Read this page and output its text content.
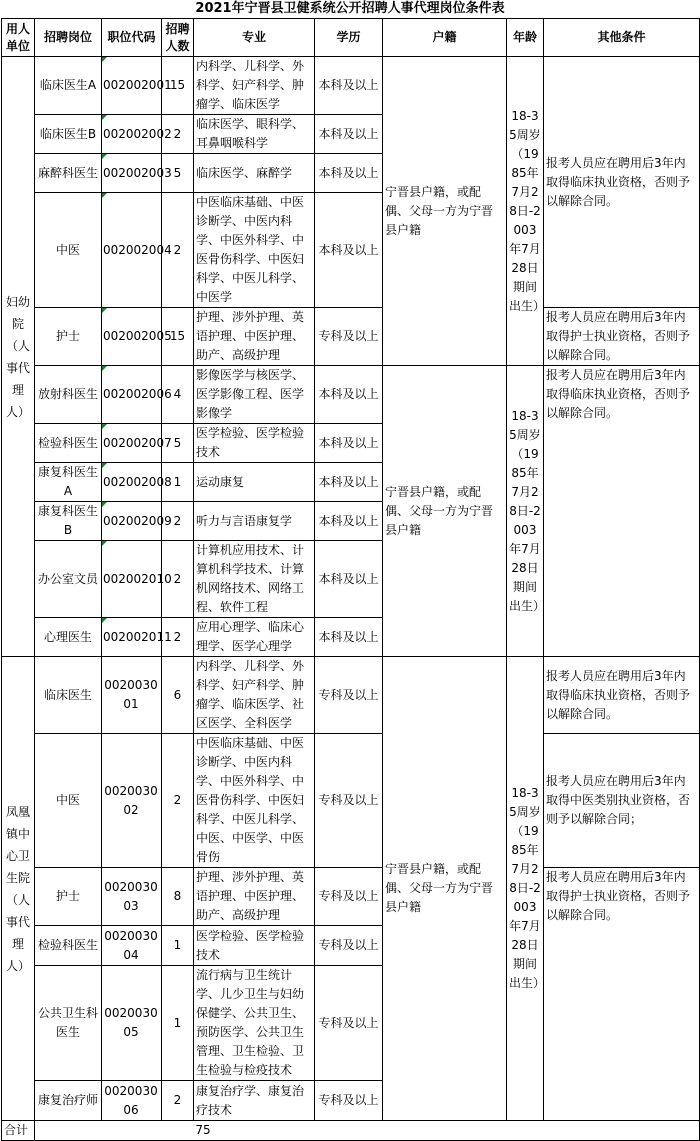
2021年宁晋县卫健系统公开招聘人事代理岗位条件表
用人单位	招聘岗位	职位代码	招聘人数	专业	学历	户籍	年龄	其他条件
妇幼院（人事代理人）	临床医生A	002002001	15	内科学、儿科学、外科学、妇产科学、肿瘤学、临床医学	本科及以上	宁晋县户籍，或配偶、父母一方为宁晋县户籍	18-35周岁（1985年7月28日-2003年7月28日期间出生）	报考人员应在聘用后3年内取得临床执业资格，否则予以解除合同。
	临床医生B	002002002	2	临床医学、眼科学、耳鼻咽喉科学	本科及以上			
	麻醉科医生	002002003	5	临床医学、麻醉学	本科及以上			
	中医	002002004	2	中医临床基础、中医诊断学、中医内科学、中医外科学、中医骨伤科学、中医妇科学、中医儿科学、中医学	本科及以上			
	护士	002002005	15	护理、涉外护理、英语护理、中医护理、助产、高级护理	专科及以上			报考人员应在聘用后3年内取得护士执业资格，否则予以解除合同。
	放射科医生	002002006	4	影像医学与核医学、医学影像工程、医学影像学	本科及以上	宁晋县户籍，或配偶、父母一方为宁晋县户籍	18-35周岁（1985年7月28日-2003年7月28日期间出生）	报考人员应在聘用后3年内取得临床执业资格，否则予以解除合同。
	检验科医生	002002007	5	医学检验、医学检验技术	本科及以上			
	康复科医生A	002002008	1	运动康复	本科及以上			
	康复科医生B	002002009	2	听力与言语康复学	本科及以上			
	办公室文员	002002010	2	计算机应用技术、计算机科学技术、计算机网络技术、网络工程、软件工程	本科及以上			
	心理医生	002002011	2	应用心理学、临床心理学、医学心理学	本科及以上			
凤凰镇中心卫生院（人事代理人）	临床医生	002003001	6	内科学、儿科学、外科学、妇产科学、肿瘤学、临床医学、社区医学、全科医学	专科及以上	宁晋县户籍，或配偶、父母一方为宁晋县户籍	18-35周岁（1985年7月28日-2003年7月28日期间出生）	报考人员应在聘用后3年内取得临床执业资格，否则予以解除合同。
	中医	002003002	2	中医临床基础、中医诊断学、中医内科学、中医外科学、中医骨伤科学、中医妇科学、中医儿科学、中医、中医学、中医骨伤	专科及以上			报考人员应在聘用后3年内取得中医类别执业资格，否则予以解除合同；
	护士	002003003	8	护理、涉外护理、英语护理、中医护理、助产、高级护理	专科及以上			报考人员应在聘用后3年内取得护士执业资格，否则予以解除合同。
	检验科医生	002003004	1	医学检验、医学检验技术	专科及以上			
	公共卫生科医生	002003005	1	流行病与卫生统计学、儿少卫生与妇幼保健学、公共卫生、预防医学、公共卫生管理、卫生检验、卫生检验与检疫技术	专科及以上			
	康复治疗师	002003006	2	康复治疗学、康复治疗技术	专科及以上			
合计	75							
